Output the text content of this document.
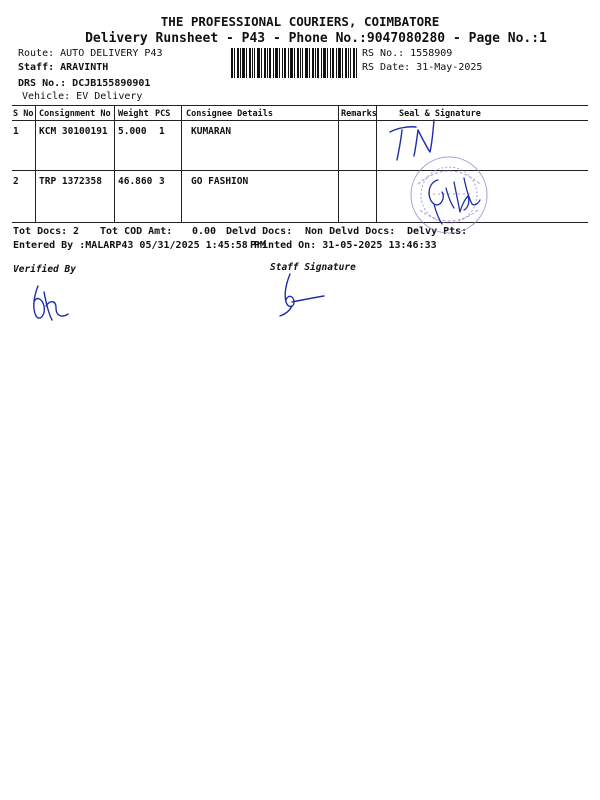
THE PROFESSIONAL COURIERS, COIMBATORE
Delivery Runsheet - P43 - Phone No.:9047080280 - Page No.:1
Route: AUTO DELIVERY P43
Staff: ARAVINTH
DRS No.: DCJB155890901
Vehicle: EV Delivery
RS No.: 1558909
RS Date: 31-May-2025
S No Consignment No Weight PCS Consignee Details	Remarks	Seal & Signature
1 KCM 30100191 5.000 1	KUMARAN
2 TRP 1372358 46.860 3	GO FASHION
Tot Docs: 2 Tot COD Amt: 0.00 Delvd Docs: Non Delvd Docs: Delvy Pts:
Entered By :MALARP43 05/31/2025 1:45:58 PM
Printed On: 31-05-2025 13:46:33
Verified By	Staff Signature
